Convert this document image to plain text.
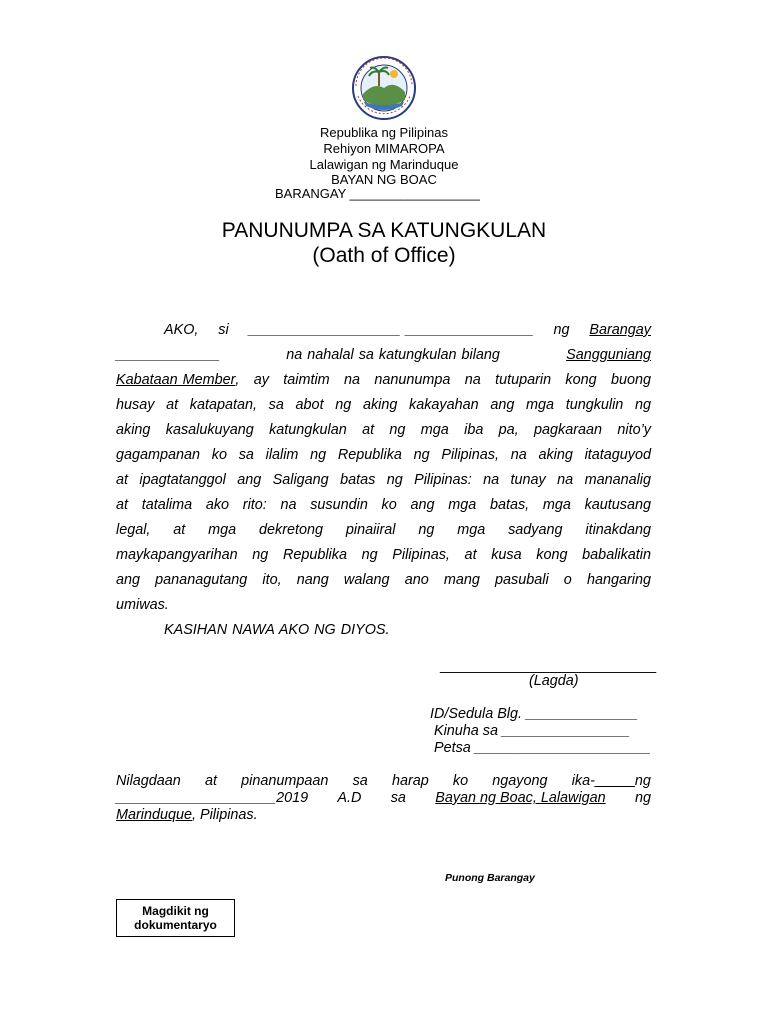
Republika ng Pilipinas
Rehiyon MIMAROPA
Lalawigan ng Marinduque
BAYAN NG BOAC
BARANGAY __________________
PANUNUMPA SA KATUNGKULAN
(Oath of Office)
AKO, si ___________________ ________________ ng Barangay
_____________	na nahalal sa katungkulan bilang	Sangguniang
Kabataan Member , ay taimtim na nanunumpa na tutuparin kong buong
husay at katapatan, sa abot ng aking kakayahan ang mga tungkulin ng
aking kasalukuyang katungkulan at ng mga iba pa, pagkaraan nito’y
gagampanan ko sa ilalim ng Republika ng Pilipinas, na aking itataguyod
at ipagtatanggol ang Saligang batas ng Pilipinas: na tunay na mananalig
at tatalima ako rito: na susundin ko ang mga batas, mga kautusang
legal, at mga dekretong pinaiiral ng mga sadyang itinakdang
maykapangyarihan ng Republika ng Pilipinas, at kusa kong babalikatin
ang pananagutang ito, nang walang ano mang pasubali o hangaring
umiwas.
KASIHAN NAWA AKO NG DIYOS.
___________________________
(Lagda)
ID/Sedula Blg. ______________
Kinuha sa ________________
Petsa ______________________
Nilagdaan at pinanumpaan sa harap ko ngayong ika-_____ng
____________________2019 A.D sa Bayan ng Boac, Lalawigan ng
Marinduque, Pilipinas.
Punong Barangay
Magdikit ng
dokumentaryo
